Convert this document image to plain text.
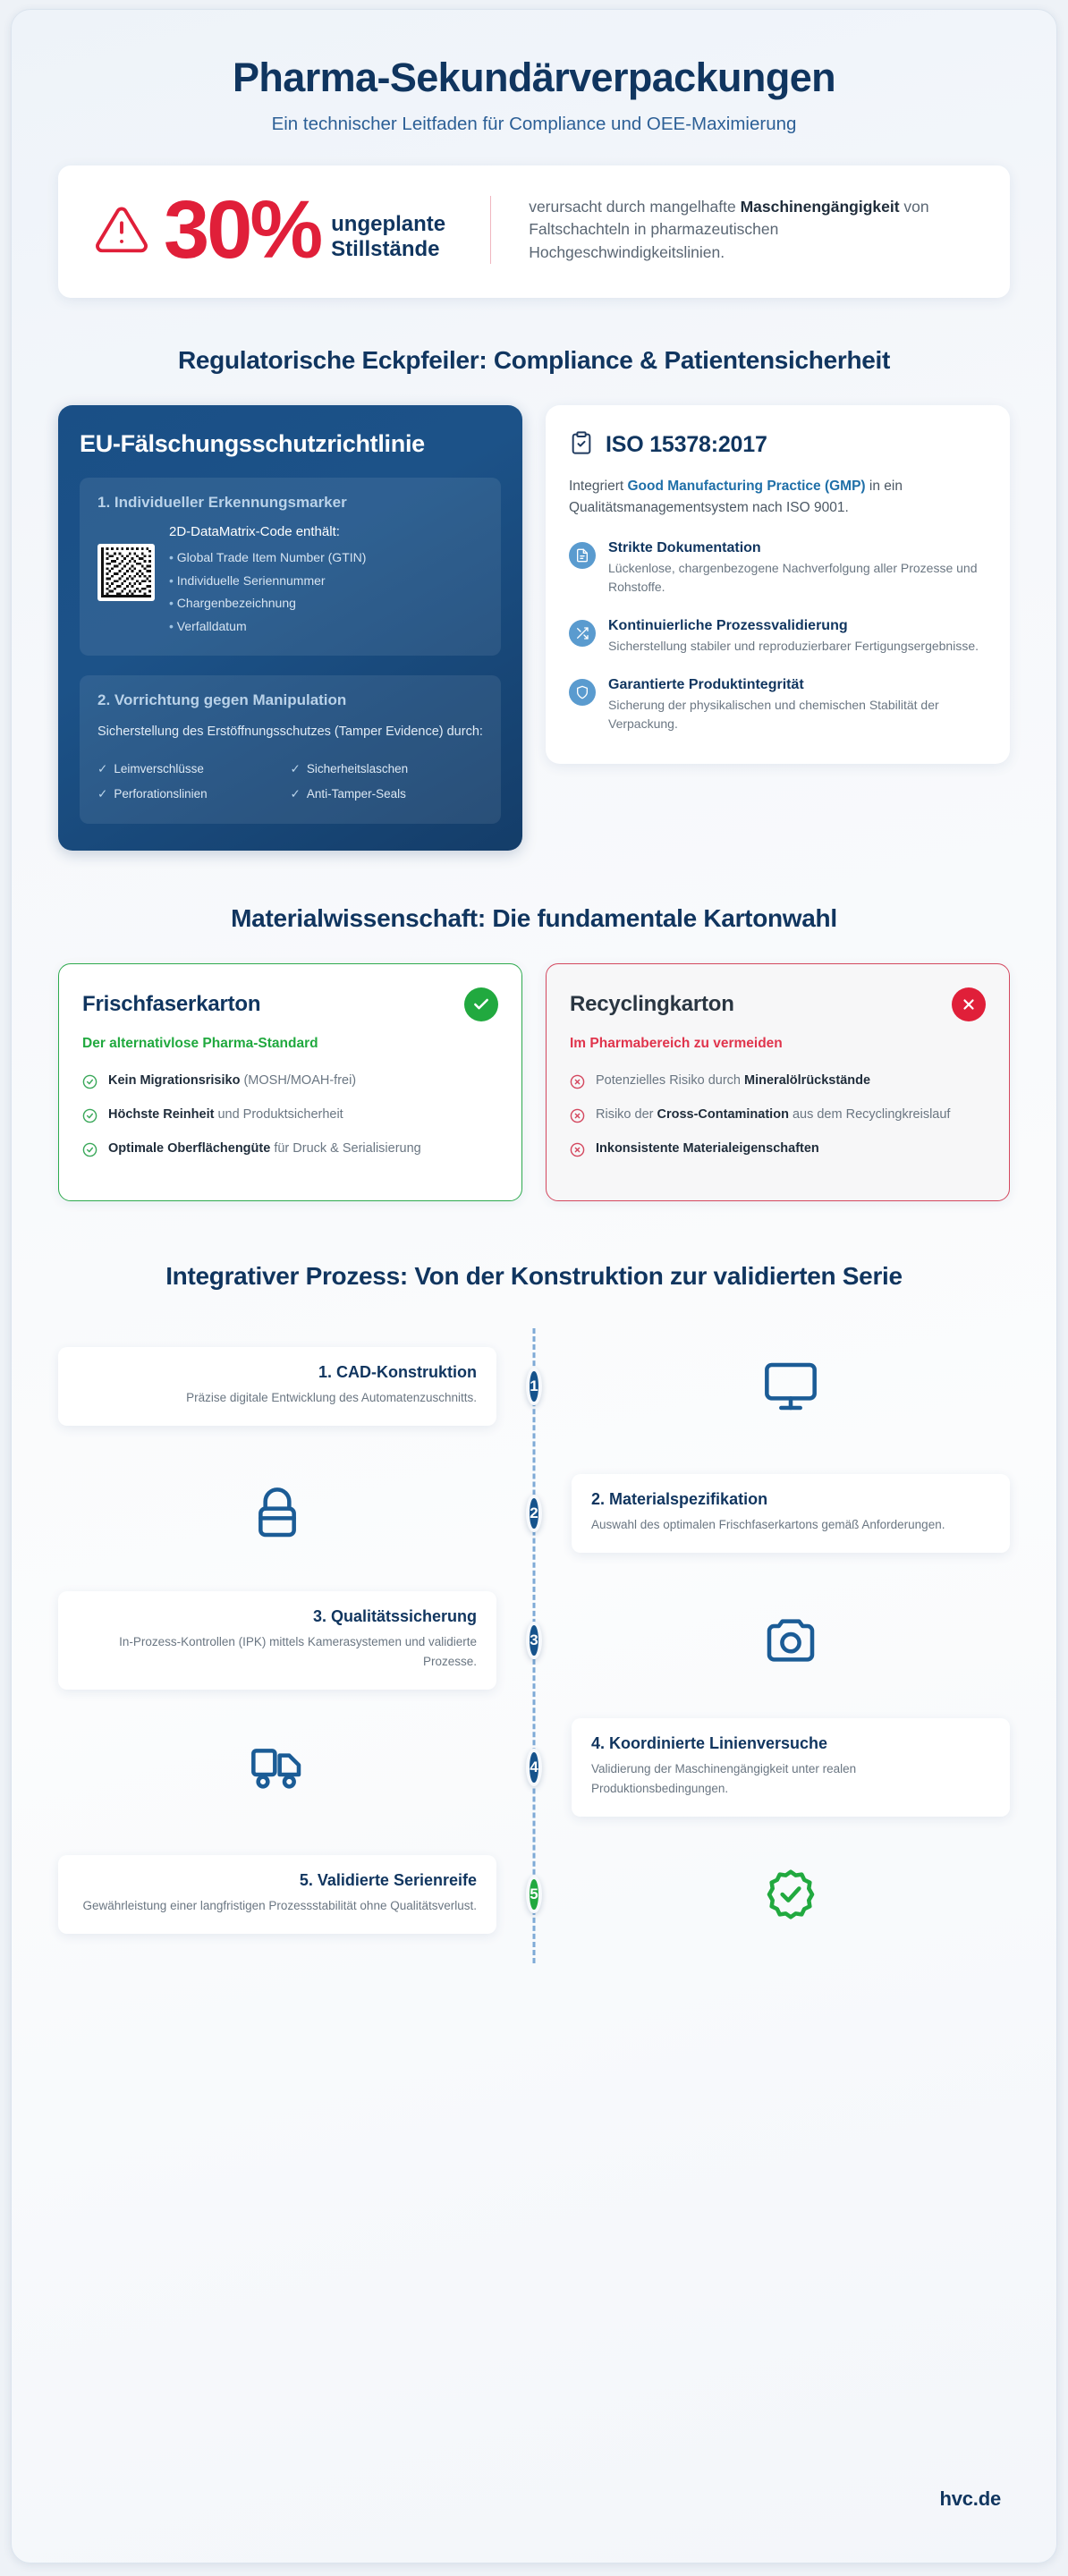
Pharma-Sekundärverpackungen

Ein technischer Leitfaden für Compliance und OEE-Maximierung

30% ungeplante
Stillstände
verursacht durch mangelhafte Maschinengängigkeit von Faltschachteln in pharmazeutischen Hochgeschwindigkeitslinien.
Regulatorische Eckpfeiler: Compliance & Patientensicherheit
EU-Fälschungsschutzrichtlinie
1. Individueller Erkennungsmarker
2D-DataMatrix-Code enthält:
• Global Trade Item Number (GTIN)
• Individuelle Seriennummer
• Chargenbezeichnung
• Verfalldatum
2. Vorrichtung gegen Manipulation
Sicherstellung des Erstöffnungsschutzes (Tamper Evidence) durch:
✓ Leimverschlüsse	✓ Sicherheitslaschen
✓ Perforationslinien	✓ Anti-Tamper-Seals
ISO 15378:2017
Integriert Good Manufacturing Practice (GMP) in ein Qualitätsmanagementsystem nach ISO 9001.
Strikte Dokumentation
Lückenlose, chargenbezogene Nachverfolgung aller Prozesse und Rohstoffe.
Kontinuierliche Prozessvalidierung
Sicherstellung stabiler und reproduzierbarer Fertigungsergebnisse.
Garantierte Produktintegrität
Sicherung der physikalischen und chemischen Stabilität der Verpackung.
Materialwissenschaft: Die fundamentale Kartonwahl
Frischfaserkarton
Der alternativlose Pharma-Standard
Kein Migrationsrisiko (MOSH/MOAH-frei)
Höchste Reinheit und Produktsicherheit
Optimale Oberflächengüte für Druck & Serialisierung
Recyclingkarton
Im Pharmabereich zu vermeiden
Potenzielles Risiko durch Mineralölrückstände
Risiko der Cross-Contamination aus dem Recyclingkreislauf
Inkonsistente Materialeigenschaften
Integrativer Prozess: Von der Konstruktion zur validierten Serie
1. CAD-Konstruktion
Präzise digitale Entwicklung des Automatenzuschnitts.
1
2
2. Materialspezifikation
Auswahl des optimalen Frischfaserkartons gemäß Anforderungen.
3. Qualitätssicherung
In-Prozess-Kontrollen (IPK) mittels Kamerasystemen und validierte Prozesse.
3
4
4. Koordinierte Linienversuche
Validierung der Maschinengängigkeit unter realen Produktionsbedingungen.
5. Validierte Serienreife
Gewährleistung einer langfristigen Prozessstabilität ohne Qualitätsverlust.
5
hvc.de
